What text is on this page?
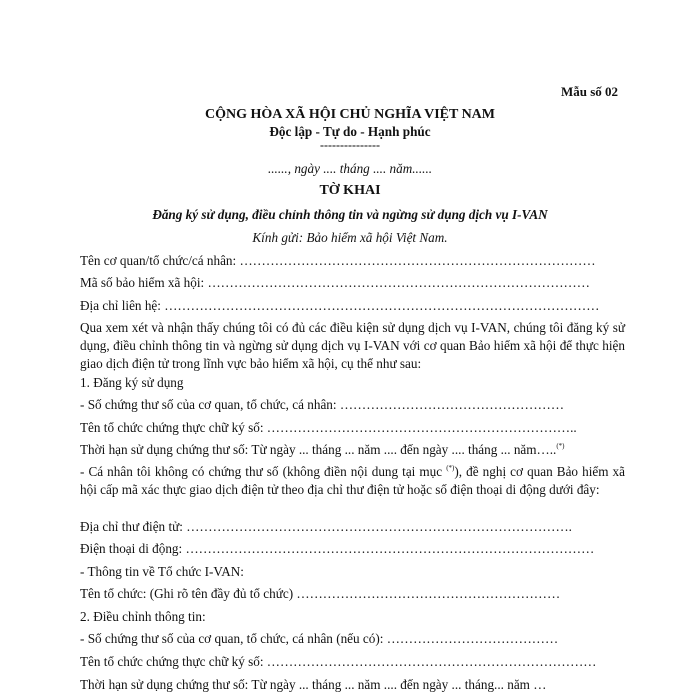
Mẫu số 02
CỘNG HÒA XÃ HỘI CHỦ NGHĨA VIỆT NAM
Độc lập - Tự do - Hạnh phúc
---------------
......, ngày .... tháng .... năm......
TỜ KHAI
Đăng ký sử dụng, điều chỉnh thông tin và ngừng sử dụng dịch vụ I-VAN
Kính gửi: Bảo hiểm xã hội Việt Nam.
Tên cơ quan/tổ chức/cá nhân: ………………………………………………………………………
Mã số bảo hiểm xã hội: ……………………………………………………………………………
Địa chỉ liên hệ: ………………………………………………………………………………………
Qua xem xét và nhận thấy chúng tôi có đủ các điều kiện sử dụng dịch vụ I-VAN, chúng tôi đăng ký sử dụng, điều chỉnh thông tin và ngừng sử dụng dịch vụ I-VAN với cơ quan Bảo hiểm xã hội để thực hiện giao dịch điện tử trong lĩnh vực bảo hiểm xã hội, cụ thể như sau:
1. Đăng ký sử dụng
- Số chứng thư số của cơ quan, tổ chức, cá nhân: ……………………………………………
Tên tổ chức chứng thực chữ ký số: ……………………………………………………………..
Thời hạn sử dụng chứng thư số: Từ ngày ... tháng ... năm .... đến ngày .... tháng ... năm…..(*)
- Cá nhân tôi không có chứng thư số (không điền nội dung tại mục (*)), đề nghị cơ quan Bảo hiểm xã hội cấp mã xác thực giao dịch điện tử theo địa chỉ thư điện tử hoặc số điện thoại di động dưới đây:
Địa chỉ thư điện tử: …………………………………………………………………………….
Điện thoại di động: …………………………………………………………………………………
- Thông tin về Tổ chức I-VAN:
Tên tổ chức: (Ghi rõ tên đầy đủ tổ chức) ……………………………………………………
2. Điều chỉnh thông tin:
- Số chứng thư số của cơ quan, tổ chức, cá nhân (nếu có): …………………………………
Tên tổ chức chứng thực chữ ký số: …………………………………………………………………
Thời hạn sử dụng chứng thư số: Từ ngày ... tháng ... năm .... đến ngày ... tháng... năm …
